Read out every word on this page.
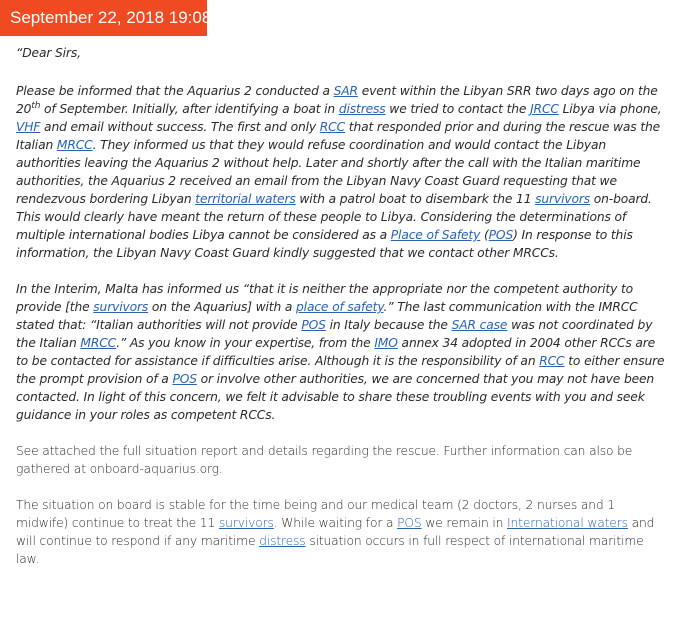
September 22, 2018 19:08

“Dear Sirs,

Please be informed that the Aquarius 2 conducted a SAR event within the Libyan SRR two days ago on the 20th of September. Initially, after identifying a boat in distress we tried to contact the JRCC Libya via phone, VHF and email without success. The first and only RCC that responded prior and during the rescue was the Italian MRCC. They informed us that they would refuse coordination and would contact the Libyan authorities leaving the Aquarius 2 without help. Later and shortly after the call with the Italian maritime authorities, the Aquarius 2 received an email from the Libyan Navy Coast Guard requesting that we rendezvous bordering Libyan territorial waters with a patrol boat to disembark the 11 survivors on-board. This would clearly have meant the return of these people to Libya. Considering the determinations of multiple international bodies Libya cannot be considered as a Place of Safety (POS) In response to this information, the Libyan Navy Coast Guard kindly suggested that we contact other MRCCs.

In the Interim, Malta has informed us “that it is neither the appropriate nor the competent authority to provide [the survivors on the Aquarius] with a place of safety.” The last communication with the IMRCC stated that: “Italian authorities will not provide POS in Italy because the SAR case was not coordinated by the Italian MRCC.” As you know in your expertise, from the IMO annex 34 adopted in 2004 other RCCs are to be contacted for assistance if difficulties arise. Although it is the responsibility of an RCC to either ensure the prompt provision of a POS or involve other authorities, we are concerned that you may not have been contacted. In light of this concern, we felt it advisable to share these troubling events with you and seek guidance in your roles as competent RCCs.

See attached the full situation report and details regarding the rescue. Further information can also be gathered at onboard-aquarius.org.

The situation on board is stable for the time being and our medical team (2 doctors, 2 nurses and 1 midwife) continue to treat the 11 survivors. While waiting for a POS we remain in International waters and will continue to respond if any maritime distress situation occurs in full respect of international maritime law.
